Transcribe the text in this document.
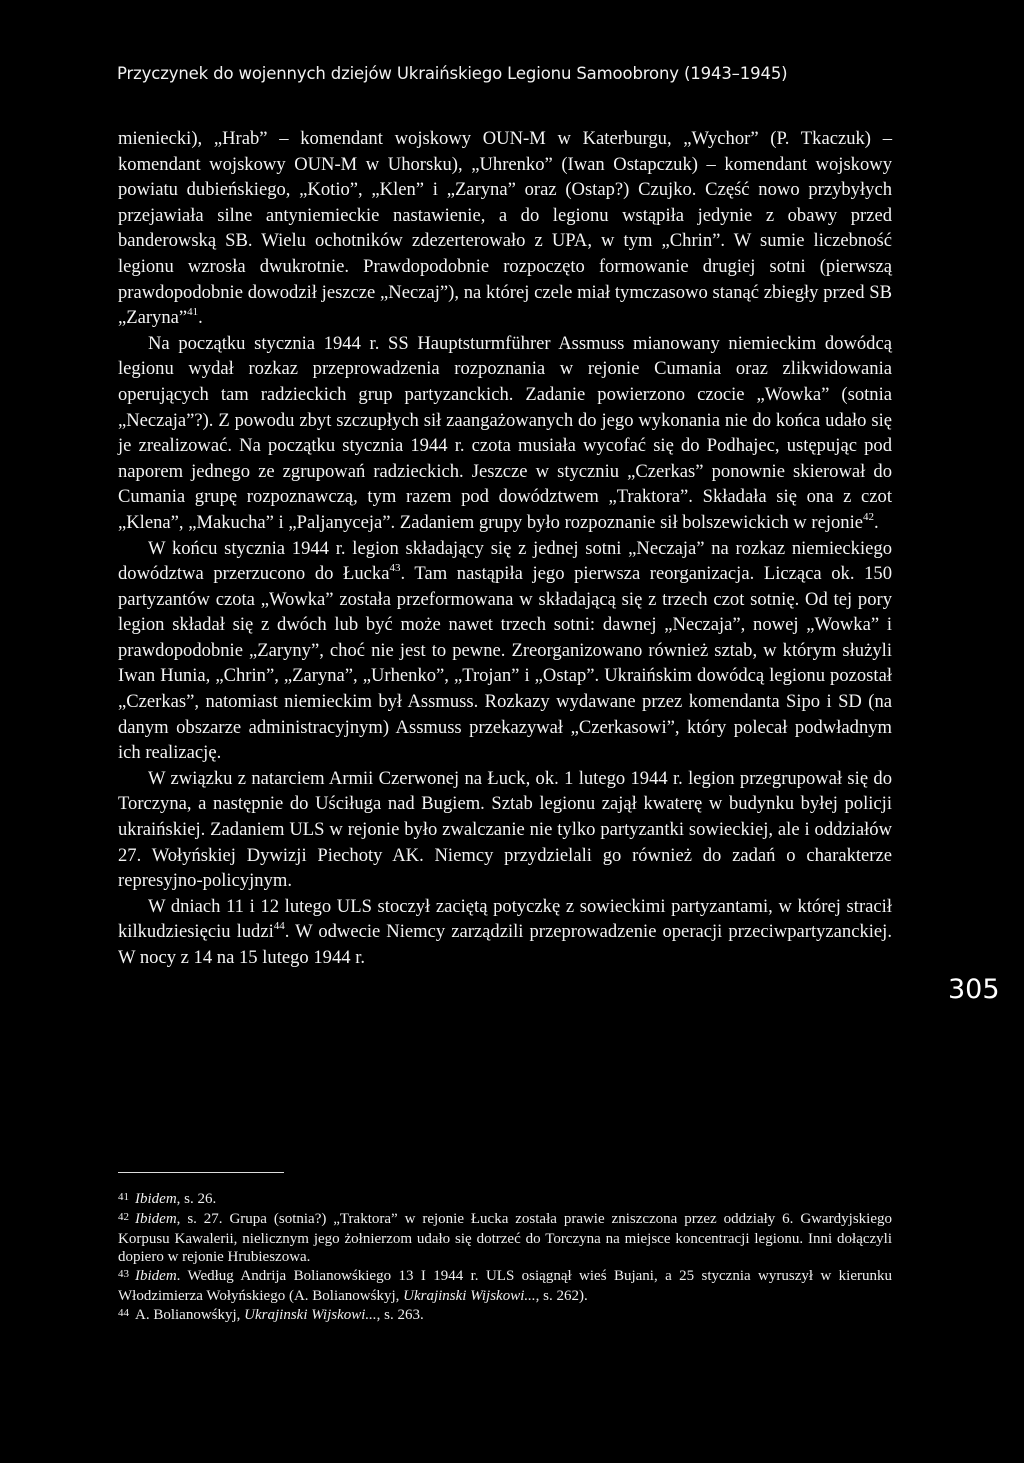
Przyczynek do wojennych dziejów Ukraińskiego Legionu Samoobrony (1943–1945)

mieniecki), „Hrab” – komendant wojskowy OUN-M w Katerburgu, „Wychor” (P. Tkaczuk) – komendant wojskowy OUN-M w Uhorsku), „Uhrenko” (Iwan Ostapczuk) – komendant wojskowy powiatu dubieńskiego, „Kotio”, „Klen” i „Zaryna” oraz (Ostap?) Czujko. Część nowo przybyłych przejawiała silne antyniemieckie nastawienie, a do legionu wstąpiła jedynie z obawy przed banderowską SB. Wielu ochotników zdezerterowało z UPA, w tym „Chrin”. W sumie liczebność legionu wzrosła dwukrotnie. Prawdopodobnie rozpoczęto formowanie drugiej sotni (pierwszą prawdopodobnie dowodził jeszcze „Neczaj”), na której czele miał tymczasowo stanąć zbiegły przed SB „Zaryna”$^{41}$.

Na początku stycznia 1944 r. SS Hauptsturmführer Assmuss mianowany niemieckim dowódcą legionu wydał rozkaz przeprowadzenia rozpoznania w rejonie Cumania oraz zlikwidowania operujących tam radzieckich grup partyzanckich. Zadanie powierzono czocie „Wowka” (sotnia „Neczaja”?). Z powodu zbyt szczupłych sił zaangażowanych do jego wykonania nie do końca udało się je zrealizować. Na początku stycznia 1944 r. czota musiała wycofać się do Podhajec, ustępując pod naporem jednego ze zgrupowań radzieckich. Jeszcze w styczniu „Czerkas” ponownie skierował do Cumania grupę rozpoznawczą, tym razem pod dowództwem „Traktora”. Składała się ona z czot „Klena”, „Makucha” i „Paljanyceja”. Zadaniem grupy było rozpoznanie sił bolszewickich w rejonie$^{42}$.

W końcu stycznia 1944 r. legion składający się z jednej sotni „Neczaja” na rozkaz niemieckiego dowództwa przerzucono do Łucka$^{43}$. Tam nastąpiła jego pierwsza reorganizacja. Licząca ok. 150 partyzantów czota „Wowka” została przeformowana w składającą się z trzech czot sotnię. Od tej pory legion składał się z dwóch lub być może nawet trzech sotni: dawnej „Neczaja”, nowej „Wowka” i prawdopodobnie „Zaryny”, choć nie jest to pewne. Zreorganizowano również sztab, w którym służyli Iwan Hunia, „Chrin”, „Zaryna”, „Urhenko”, „Trojan” i „Ostap”. Ukraińskim dowódcą legionu pozostał „Czerkas”, natomiast niemieckim był Assmuss. Rozkazy wydawane przez komendanta Sipo i SD (na danym obszarze administracyjnym) Assmuss przekazywał „Czerkasowi”, który polecał podwładnym ich realizację.

W związku z natarciem Armii Czerwonej na Łuck, ok. 1 lutego 1944 r. legion przegrupował się do Torczyna, a następnie do Uściługa nad Bugiem. Sztab legionu zajął kwaterę w budynku byłej policji ukraińskiej. Zadaniem ULS w rejonie było zwalczanie nie tylko partyzantki sowieckiej, ale i oddziałów 27. Wołyńskiej Dywizji Piechoty AK. Niemcy przydzielali go również do zadań o charakterze represyjno-policyjnym.

W dniach 11 i 12 lutego ULS stoczył zaciętą potyczkę z sowieckimi partyzantami, w której stracił kilkudziesięciu ludzi$^{44}$. W odwecie Niemcy zarządzili przeprowadzenie operacji przeciwpartyzanckiej. W nocy z 14 na 15 lutego 1944 r.

305

$^{41}$ Ibidem, s. 26.

$^{42}$ Ibidem, s. 27. Grupa (sotnia?) „Traktora” w rejonie Łucka została prawie zniszczona przez oddziały 6. Gwardyjskiego Korpusu Kawalerii, nielicznym jego żołnierzom udało się dotrzeć do Torczyna na miejsce koncentracji legionu. Inni dołączyli dopiero w rejonie Hrubieszowa.

$^{43}$ Ibidem. Według Andrija Bolianowśkiego 13 I 1944 r. ULS osiągnął wieś Bujani, a 25 stycznia wyruszył w kierunku Włodzimierza Wołyńskiego (A. Bolianowśkyj, Ukrajinski Wijskowi..., s. 262).

$^{44}$ A. Bolianowśkyj, Ukrajinski Wijskowi..., s. 263.
